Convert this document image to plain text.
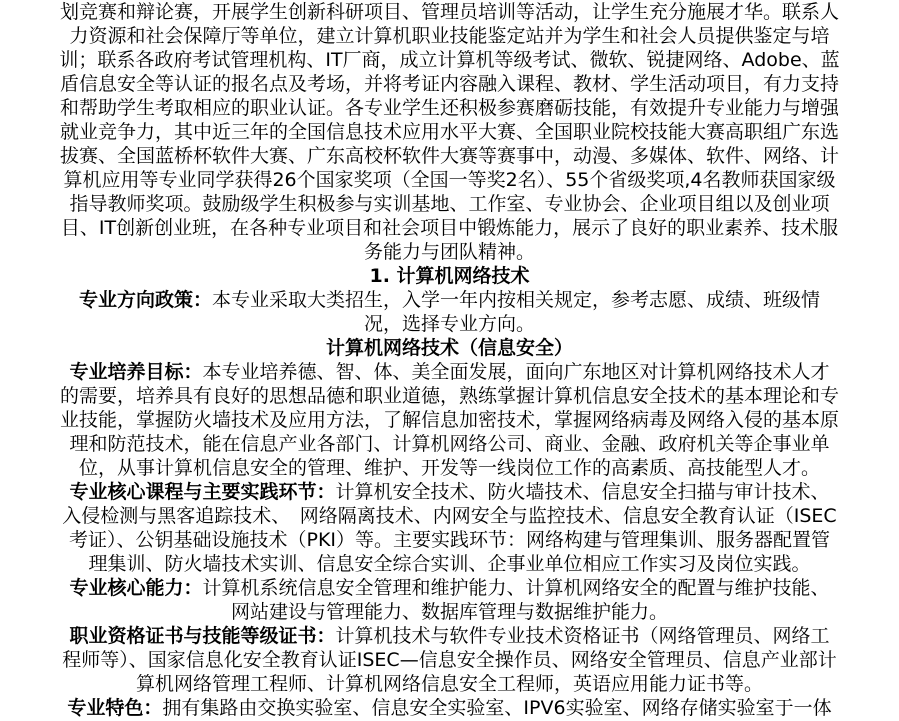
划竞赛和辩论赛，开展学生创新科研项目、管理员培训等活动，让学生充分施展才华。联系人
力资源和社会保障厅等单位，建立计算机职业技能鉴定站并为学生和社会人员提供鉴定与培
训；联系各政府考试管理机构、IT厂商，成立计算机等级考试、微软、锐捷网络、Adobe、蓝
盾信息安全等认证的报名点及考场，并将考证内容融入课程、教材、学生活动项目，有力支持
和帮助学生考取相应的职业认证。各专业学生还积极参赛磨砺技能，有效提升专业能力与增强
就业竞争力，其中近三年的全国信息技术应用水平大赛、全国职业院校技能大赛高职组广东选
拔赛、全国蓝桥杯软件大赛、广东高校杯软件大赛等赛事中，动漫、多媒体、软件、网络、计
算机应用等专业同学获得26个国家奖项（全国一等奖2名）、55个省级奖项,4名教师获国家级
指导教师奖项。鼓励级学生积极参与实训基地、工作室、专业协会、企业项目组以及创业项
目、IT创新创业班，在各种专业项目和社会项目中锻炼能力，展示了良好的职业素养、技术服
务能力与团队精神。
1. 计算机网络技术
专业方向政策：本专业采取大类招生，入学一年内按相关规定，参考志愿、成绩、班级情
况，选择专业方向。
计算机网络技术（信息安全）
专业培养目标：本专业培养德、智、体、美全面发展，面向广东地区对计算机网络技术人才
的需要，培养具有良好的思想品德和职业道德，熟练掌握计算机信息安全技术的基本理论和专
业技能，掌握防火墙技术及应用方法，了解信息加密技术，掌握网络病毒及网络入侵的基本原
理和防范技术，能在信息产业各部门、计算机网络公司、商业、金融、政府机关等企事业单
位，从事计算机信息安全的管理、维护、开发等一线岗位工作的高素质、高技能型人才。
专业核心课程与主要实践环节：计算机安全技术、防火墙技术、信息安全扫描与审计技术、
入侵检测与黑客追踪技术、　网络隔离技术、内网安全与监控技术、信息安全教育认证（ISEC
考证）、公钥基础设施技术（PKI）等。主要实践环节：网络构建与管理集训、服务器配置管
理集训、防火墙技术实训、信息安全综合实训、企事业单位相应工作实习及岗位实践。
专业核心能力：计算机系统信息安全管理和维护能力、计算机网络安全的配置与维护技能、
网站建设与管理能力、数据库管理与数据维护能力。
职业资格证书与技能等级证书：计算机技术与软件专业技术资格证书（网络管理员、网络工
程师等）、国家信息化安全教育认证ISEC—信息安全操作员、网络安全管理员、信息产业部计
算机网络管理工程师、计算机网络信息安全工程师，英语应用能力证书等。
专业特色：拥有集路由交换实验室、信息安全实验室、IPV6实验室、网络存储实验室于一体
